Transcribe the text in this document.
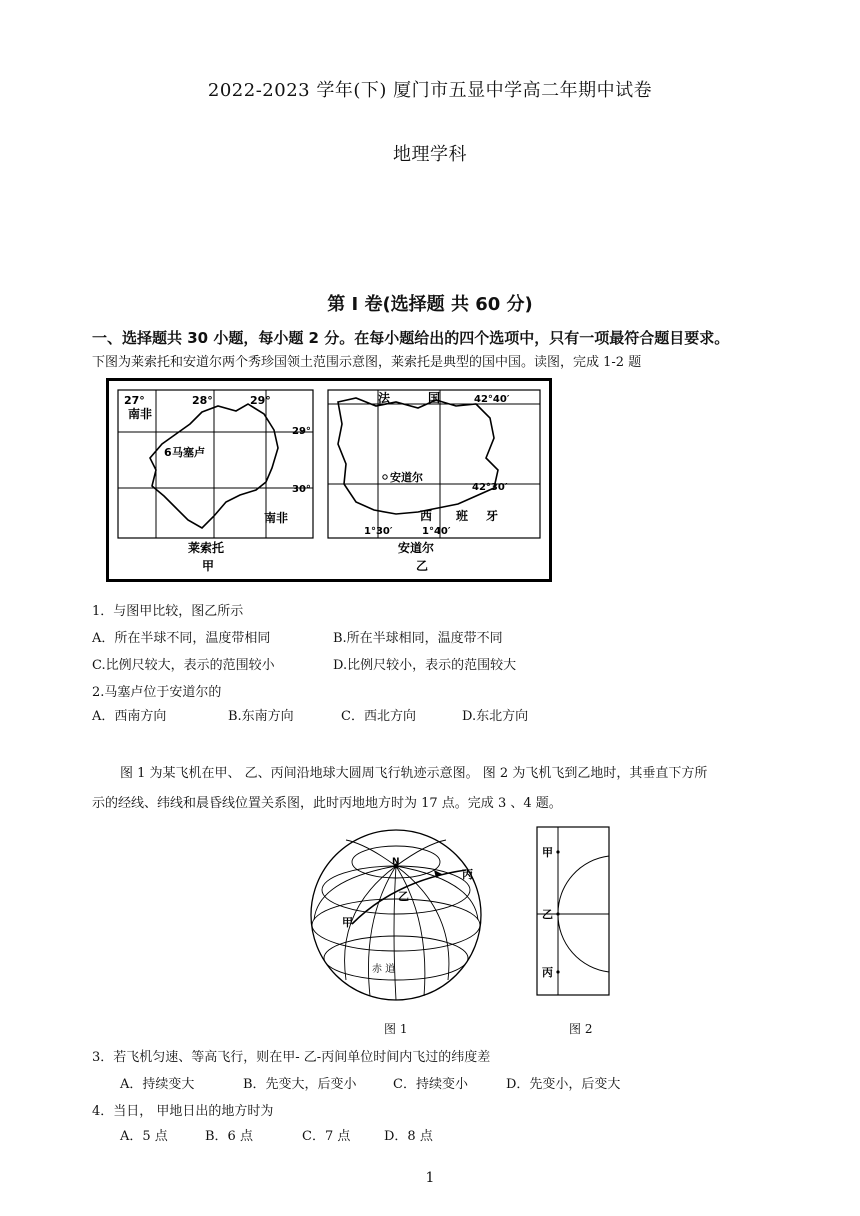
2022-2023 学年(下) 厦门市五显中学高二年期中试卷
地理学科
第 I 卷(选择题 共 60 分)
一、选择题共 30 小题，每小题 2 分。在每小题给出的四个选项中，只有一项最符合题目要求。
下图为莱索托和安道尔两个秀珍国领土范围示意图，莱索托是典型的国中国。读图，完成 1-2 题
27°	28°	29°
29°
30°
南非
南非
6 马塞卢
莱索托
甲
法	国	42°40′
42°30′
安道尔
西 班 牙
1°30′	1°40′
安道尔
乙
1．与图甲比较，图乙所示
A．所在半球不同，温度带相同	B.所在半球相同，温度带不同
C.比例尺较大，表示的范围较小	D.比例尺较小，表示的范围较大
2.马塞卢位于安道尔的
A．西南方向	B.东南方向	C．西北方向	D.东北方向
图 1 为某飞机在甲、 乙、丙间沿地球大圆周飞行轨迹示意图。 图 2 为飞机飞到乙地时，其垂直下方所
示的经线、纬线和晨昏线位置关系图，此时丙地地方时为 17 点。完成 3 、4 题。
N
乙
丙
甲
赤 道
甲
乙
丙
图 1	图 2
3．若飞机匀速、等高飞行，则在甲- 乙-丙间单位时间内飞过的纬度差
A．持续变大	B．先变大，后变小	C．持续变小	D．先变小，后变大
4．当日， 甲地日出的地方时为
A．5 点	B．6 点	C．7 点	D．8 点
1
